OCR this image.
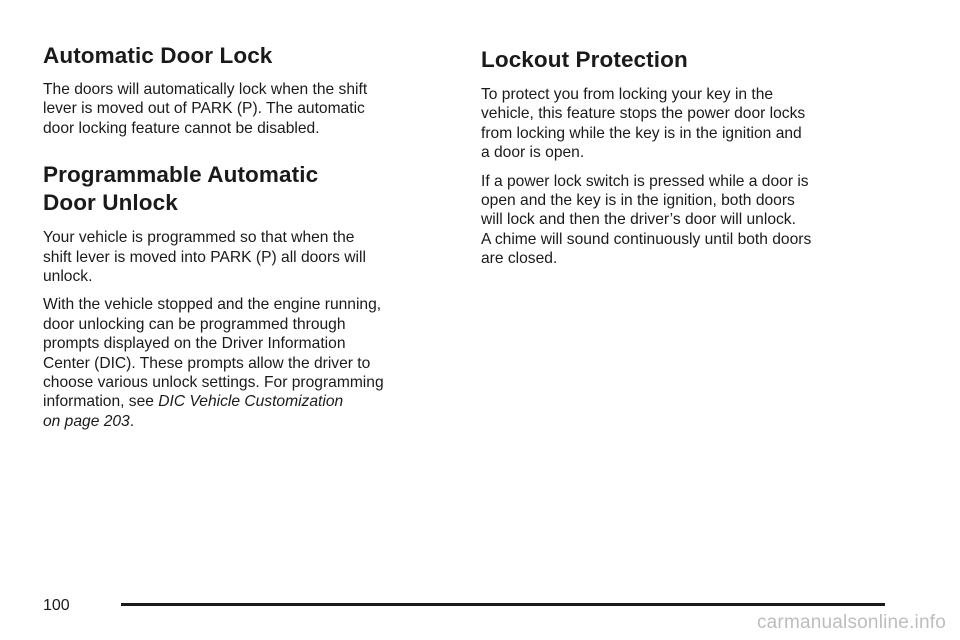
Automatic Door Lock

The doors will automatically lock when the shift
lever is moved out of PARK (P). The automatic
door locking feature cannot be disabled.

Programmable Automatic
Door Unlock

Your vehicle is programmed so that when the
shift lever is moved into PARK (P) all doors will
unlock.

With the vehicle stopped and the engine running,
door unlocking can be programmed through
prompts displayed on the Driver Information
Center (DIC). These prompts allow the driver to
choose various unlock settings. For programming
information, see DIC Vehicle Customization
on page 203.

Lockout Protection

To protect you from locking your key in the
vehicle, this feature stops the power door locks
from locking while the key is in the ignition and
a door is open.

If a power lock switch is pressed while a door is
open and the key is in the ignition, both doors
will lock and then the driver’s door will unlock.
A chime will sound continuously until both doors
are closed.

100
carmanualsonline.info
